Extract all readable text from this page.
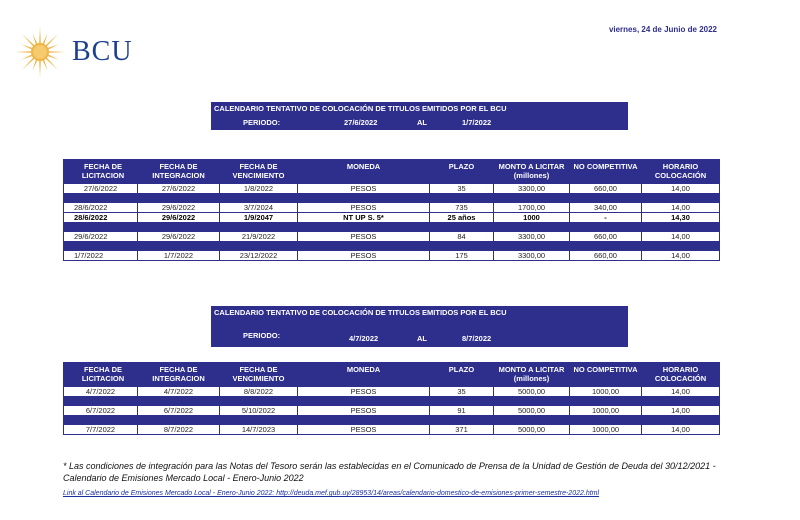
viernes, 24 de Junio de 2022
BCU
CALENDARIO TENTATIVO DE COLOCACIÓN DE TITULOS EMITIDOS POR EL BCU
PERIODO:	27/6/2022	AL	1/7/2022
FECHA DE LICITACION	FECHA DE INTEGRACION	FECHA DE VENCIMIENTO	MONEDA	PLAZO	MONTO A LICITAR (millones)	NO COMPETITIVA	HORARIO COLOCACIÓN
27/6/2022	27/6/2022	1/8/2022	PESOS	35	3300,00	660,00	14,00

28/6/2022	29/6/2022	3/7/2024	PESOS	735	1700,00	340,00	14,00
28/6/2022	29/6/2022	1/9/2047	NT UP S. 5*	25 años	1000	-	14,30

29/6/2022	29/6/2022	21/9/2022	PESOS	84	3300,00	660,00	14,00

1/7/2022	1/7/2022	23/12/2022	PESOS	175	3300,00	660,00	14,00
CALENDARIO TENTATIVO DE COLOCACIÓN DE TITULOS EMITIDOS POR EL BCU
PERIODO:	4/7/2022	AL	8/7/2022
FECHA DE LICITACION	FECHA DE INTEGRACION	FECHA DE VENCIMIENTO	MONEDA	PLAZO	MONTO A LICITAR (millones)	NO COMPETITIVA	HORARIO COLOCACIÓN
4/7/2022	4/7/2022	8/8/2022	PESOS	35	5000,00	1000,00	14,00

6/7/2022	6/7/2022	5/10/2022	PESOS	91	5000,00	1000,00	14,00

7/7/2022	8/7/2022	14/7/2023	PESOS	371	5000,00	1000,00	14,00
* Las condiciones de integración para las Notas del Tesoro serán las establecidas en el Comunicado de Prensa de la Unidad de Gestión de Deuda del 30/12/2021 - Calendario de Emisiones Mercado Local - Enero-Junio 2022
Link al Calendario de Emisiones Mercado Local - Enero-Junio 2022: http://deuda.mef.gub.uy/28953/14/areas/calendario-domestico-de-emisiones-primer-semestre-2022.html
